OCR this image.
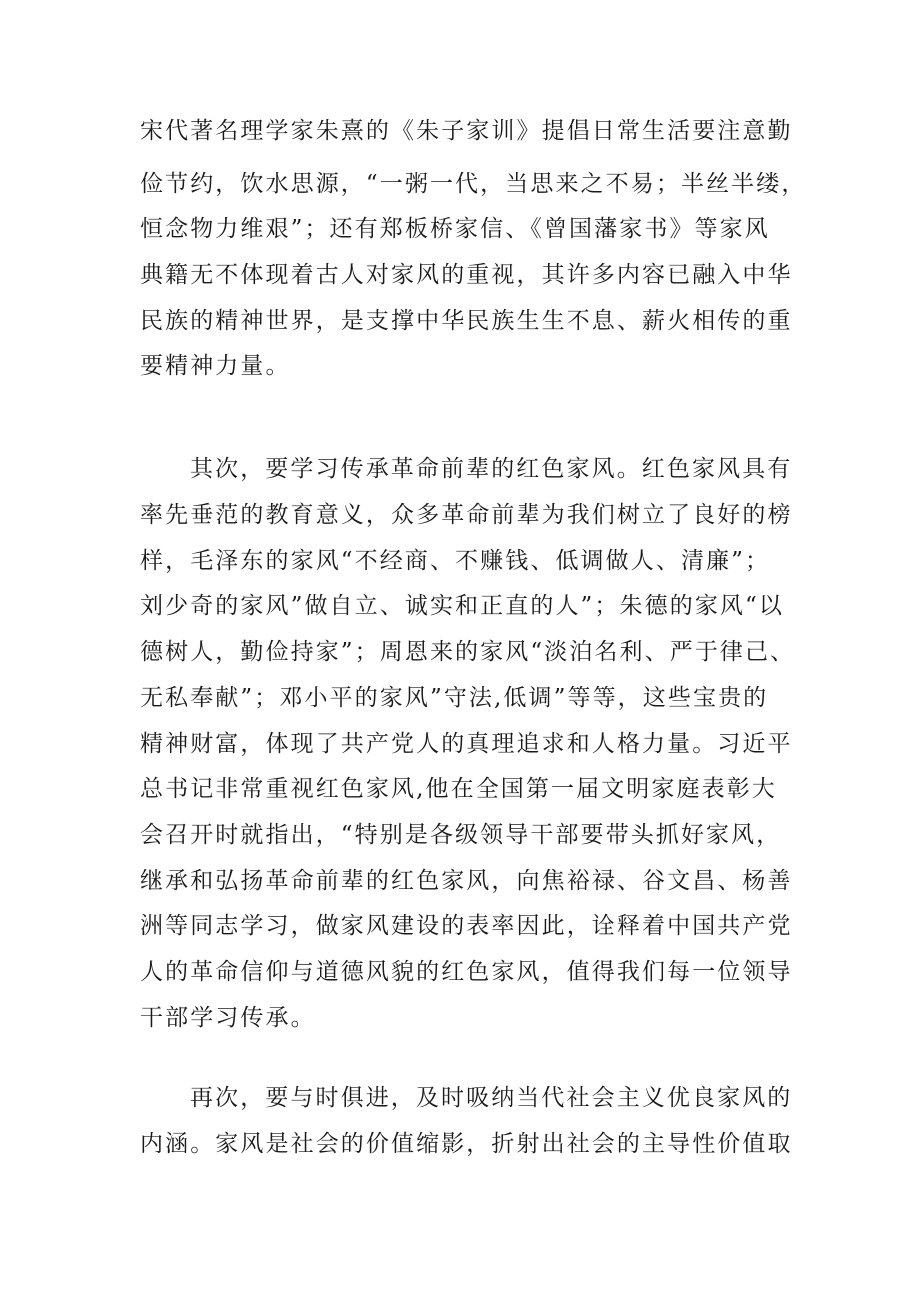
宋代著名理学家朱熹的《朱子家训》提倡日常生活要注意勤
俭节约，饮水思源，“一粥一代，当思来之不易；半丝半缕，
恒念物力维艰”；还有郑板桥家信、《曾国藩家书》等家风
典籍无不体现着古人对家风的重视，其许多内容已融入中华
民族的精神世界，是支撑中华民族生生不息、薪火相传的重
要精神力量。
其次，要学习传承革命前辈的红色家风。红色家风具有
率先垂范的教育意义，众多革命前辈为我们树立了良好的榜
样，毛泽东的家风“不经商、不赚钱、低调做人、清廉”；
刘少奇的家风”做自立、诚实和正直的人”；朱德的家风“以
德树人，勤俭持家”；周恩来的家风“淡泊名利、严于律己、
无私奉献”；邓小平的家风”守法,低调”等等，这些宝贵的
精神财富，体现了共产党人的真理追求和人格力量。习近平
总书记非常重视红色家风,他在全国第一届文明家庭表彰大
会召开时就指出，“特别是各级领导干部要带头抓好家风，
继承和弘扬革命前辈的红色家风，向焦裕禄、谷文昌、杨善
洲等同志学习，做家风建设的表率因此，诠释着中国共产党
人的革命信仰与道德风貌的红色家风，值得我们每一位领导
干部学习传承。
再次，要与时俱进，及时吸纳当代社会主义优良家风的
内涵。家风是社会的价值缩影，折射出社会的主导性价值取
